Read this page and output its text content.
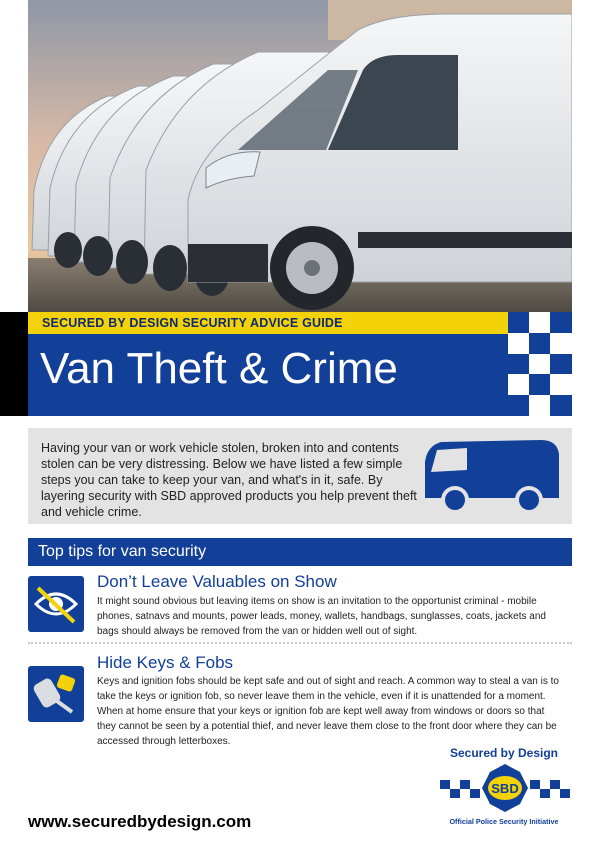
SECURED BY DESIGN SECURITY ADVICE GUIDE
Van Theft & Crime

Having your van or work vehicle stolen, broken into and contents stolen can be very distressing. Below we have listed a few simple steps you can take to keep your van, and what's in it, safe. By layering security with SBD approved products you help prevent theft and vehicle crime.

Top tips for van security
Don’t Leave Valuables on Show

It might sound obvious but leaving items on show is an invitation to the opportunist criminal - mobile phones, satnavs and mounts, power leads, money, wallets, handbags, sunglasses, coats, jackets and bags should always be removed from the van or hidden well out of sight.

Hide Keys & Fobs

Keys and ignition fobs should be kept safe and out of sight and reach. A common way to steal a van is to take the keys or ignition fob, so never leave them in the vehicle, even if it is unattended for a moment. When at home ensure that your keys or ignition fob are kept well away from windows or doors so that they cannot be seen by a potential thief, and never leave them close to the front door where they can be accessed through letterboxes.

www.securedbydesign.com
Secured by Design
SBD
Official Police Security Initiative
